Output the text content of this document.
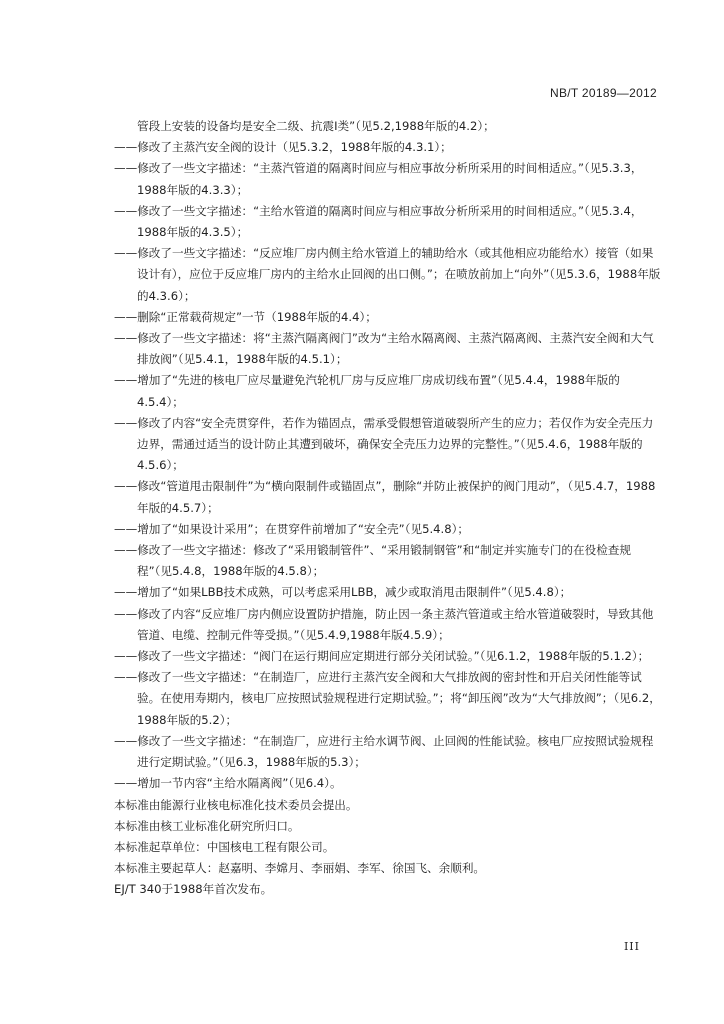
NB/T 20189—2012
管段上安装的设备均是安全二级、抗震Ⅰ类”（见5.2,1988年版的4.2）；
——修改了主蒸汽安全阀的设计（见5.3.2，1988年版的4.3.1）；
——修改了一些文字描述：“主蒸汽管道的隔离时间应与相应事故分析所采用的时间相适应。”（见5.3.3，1988年版的4.3.3）；
——修改了一些文字描述：“主给水管道的隔离时间应与相应事故分析所采用的时间相适应。”（见5.3.4，1988年版的4.3.5）；
——修改了一些文字描述：“反应堆厂房内侧主给水管道上的辅助给水（或其他相应功能给水）接管（如果设计有），应位于反应堆厂房内的主给水止回阀的出口侧。”；在喷放前加上“向外”（见5.3.6，1988年版的4.3.6）；
——删除“正常载荷规定”一节（1988年版的4.4）；
——修改了一些文字描述：将“主蒸汽隔离阀门”改为“主给水隔离阀、主蒸汽隔离阀、主蒸汽安全阀和大气排放阀”（见5.4.1，1988年版的4.5.1）；
——增加了“先进的核电厂应尽量避免汽轮机厂房与反应堆厂房成切线布置”（见5.4.4，1988年版的4.5.4）；
——修改了内容“安全壳贯穿件，若作为锚固点，需承受假想管道破裂所产生的应力；若仅作为安全壳压力边界，需通过适当的设计防止其遭到破坏，确保安全壳压力边界的完整性。”（见5.4.6，1988年版的4.5.6）；
——修改“管道甩击限制件”为“横向限制件或锚固点”，删除“并防止被保护的阀门甩动”，（见5.4.7，1988年版的4.5.7）；
——增加了“如果设计采用”；在贯穿件前增加了“安全壳”（见5.4.8）；
——修改了一些文字描述：修改了“采用锻制管件”、“采用锻制钢管”和“制定并实施专门的在役检查规程”（见5.4.8，1988年版的4.5.8）；
——增加了“如果LBB技术成熟，可以考虑采用LBB，减少或取消甩击限制件”（见5.4.8）；
——修改了内容“反应堆厂房内侧应设置防护措施，防止因一条主蒸汽管道或主给水管道破裂时，导致其他管道、电缆、控制元件等受损。”（见5.4.9,1988年版4.5.9）；
——修改了一些文字描述：“阀门在运行期间应定期进行部分关闭试验。”（见6.1.2，1988年版的5.1.2）；
——修改了一些文字描述：“在制造厂，应进行主蒸汽安全阀和大气排放阀的密封性和开启关闭性能等试验。在使用寿期内，核电厂应按照试验规程进行定期试验。”；将“卸压阀”改为“大气排放阀”；（见6.2，1988年版的5.2）；
——修改了一些文字描述：“在制造厂，应进行主给水调节阀、止回阀的性能试验。核电厂应按照试验规程进行定期试验。”（见6.3，1988年版的5.3）；
——增加一节内容“主给水隔离阀”（见6.4）。
本标准由能源行业核电标准化技术委员会提出。
本标准由核工业标准化研究所归口。
本标准起草单位：中国核电工程有限公司。
本标准主要起草人：赵嘉明、李嫦月、李丽娟、李军、徐国飞、余顺利。
EJ/T 340于1988年首次发布。
III
